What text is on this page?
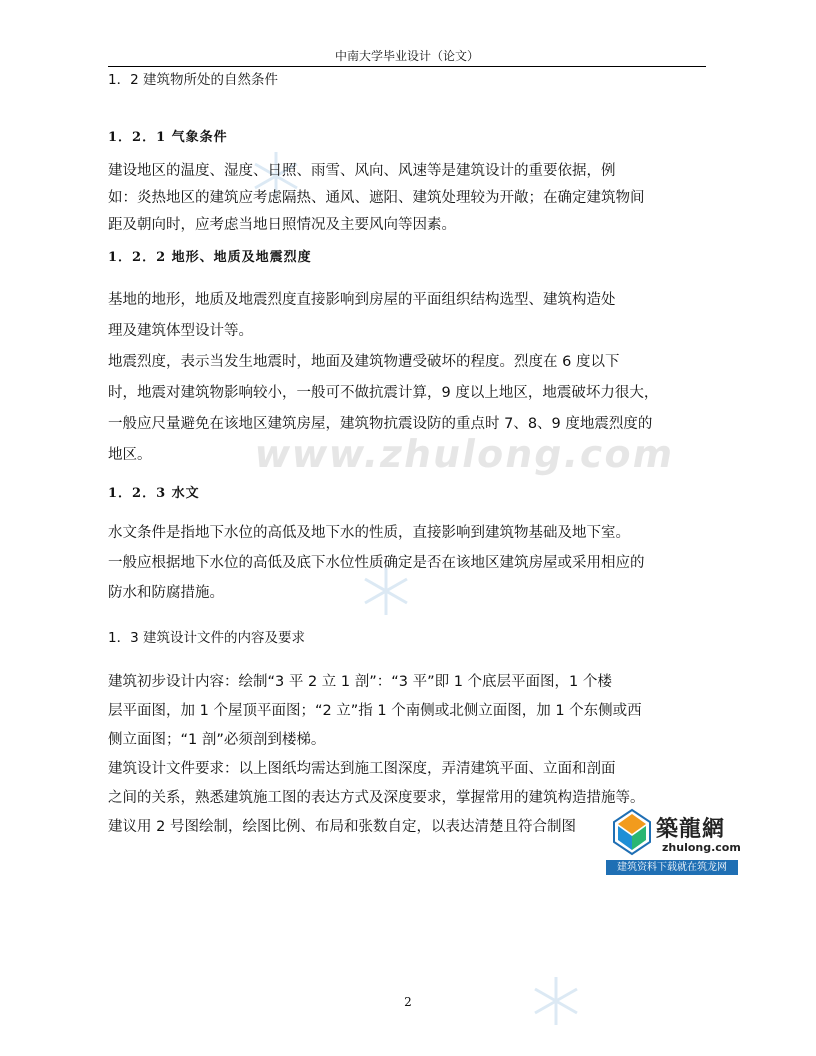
中南大学毕业设计（论文）
www.zhulong.com
1．2 建筑物所处的自然条件
1．2．1 气象条件
建设地区的温度、湿度、日照、雨雪、风向、风速等是建筑设计的重要依据，例
如：炎热地区的建筑应考虑隔热、通风、遮阳、建筑处理较为开敞；在确定建筑物间
距及朝向时，应考虑当地日照情况及主要风向等因素。
1．2．2 地形、地质及地震烈度
基地的地形，地质及地震烈度直接影响到房屋的平面组织结构选型、建筑构造处
理及建筑体型设计等。
地震烈度，表示当发生地震时，地面及建筑物遭受破坏的程度。烈度在 6 度以下
时，地震对建筑物影响较小，一般可不做抗震计算，9 度以上地区，地震破坏力很大，
一般应尺量避免在该地区建筑房屋，建筑物抗震设防的重点时 7、8、9 度地震烈度的
地区。
1．2．3 水文
水文条件是指地下水位的高低及地下水的性质，直接影响到建筑物基础及地下室。
一般应根据地下水位的高低及底下水位性质确定是否在该地区建筑房屋或采用相应的
防水和防腐措施。
1．3 建筑设计文件的内容及要求
建筑初步设计内容：绘制“3 平 2 立 1 剖”：“3 平”即 1 个底层平面图，1 个楼
层平面图，加 1 个屋顶平面图；“2 立”指 1 个南侧或北侧立面图，加 1 个东侧或西
侧立面图；“1 剖”必须剖到楼梯。
建筑设计文件要求：以上图纸均需达到施工图深度，弄清建筑平面、立面和剖面
之间的关系，熟悉建筑施工图的表达方式及深度要求，掌握常用的建筑构造措施等。
建议用 2 号图绘制，绘图比例、布局和张数自定，以表达清楚且符合制图	築龍網
zhulong.com
建筑资料下载就在筑龙网
2
